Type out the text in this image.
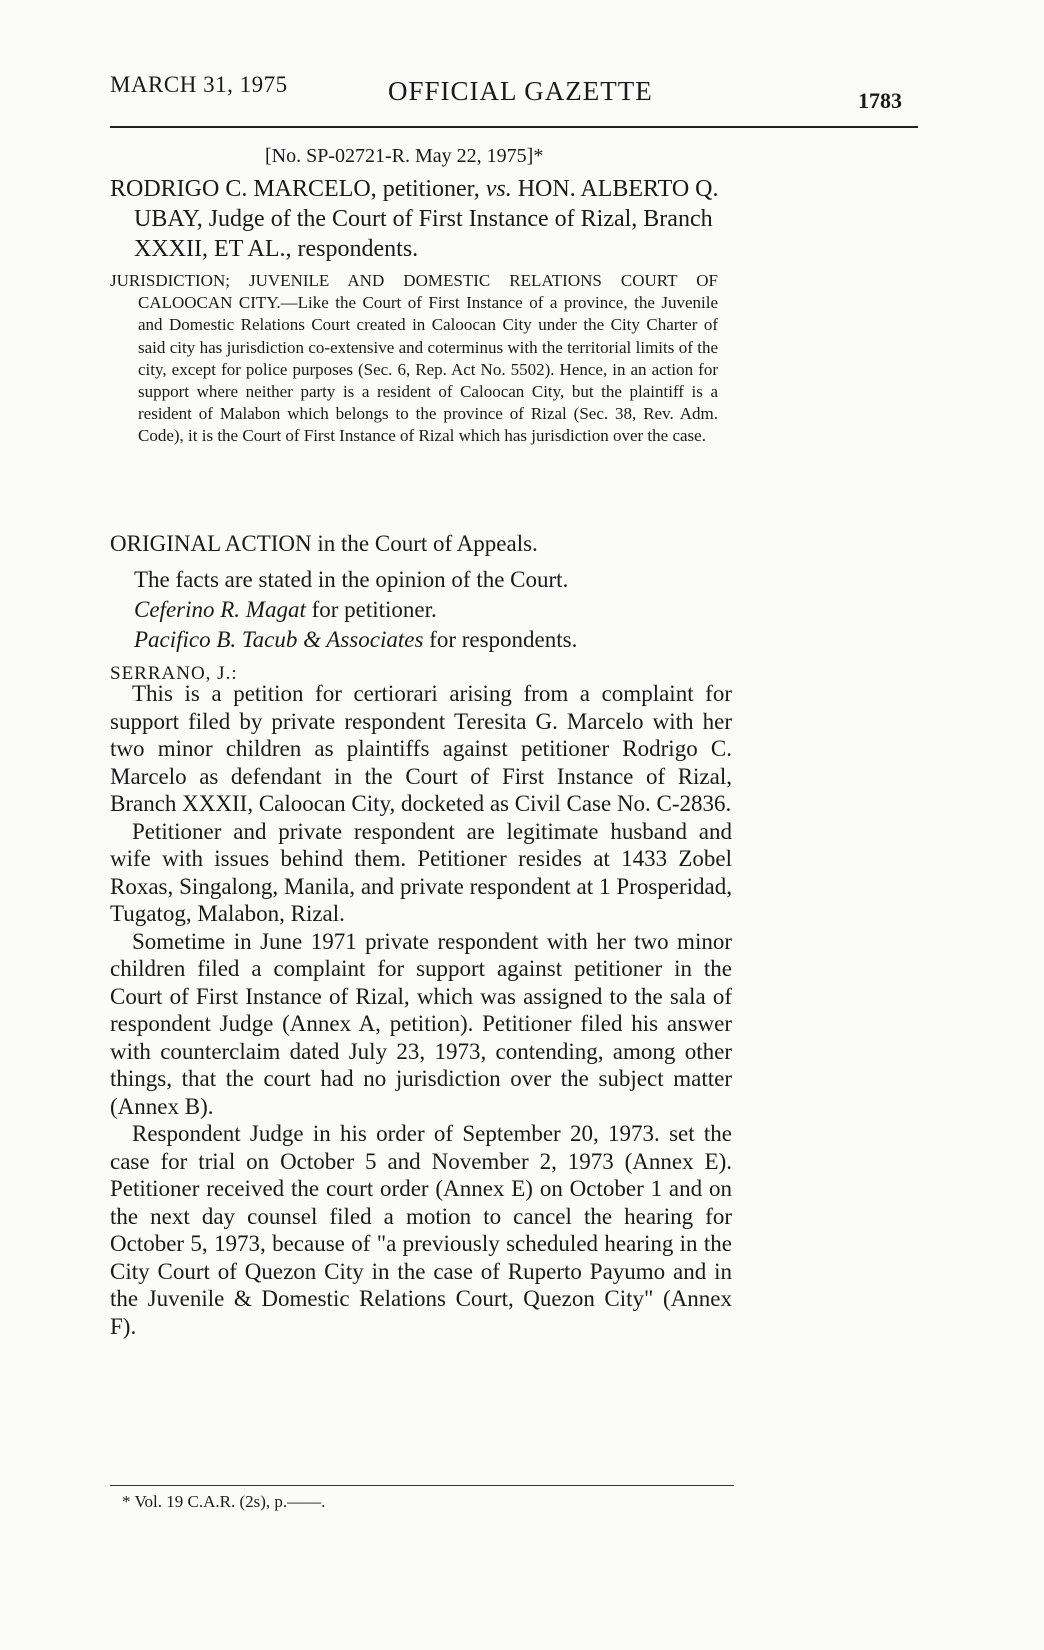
MARCH 31, 1975	OFFICIAL GAZETTE	1783
[No. SP-02721-R. May 22, 1975]*

RODRIGO C. MARCELO, petitioner, vs. HON. ALBERTO Q.

UBAY, Judge of the Court of First Instance of Rizal, Branch XXXII, ET AL., respondents.

JURISDICTION; JUVENILE AND DOMESTIC RELATIONS COURT OF CALOOCAN CITY.—Like the Court of First Instance of a province, the Juvenile and Domestic Relations Court created in Caloocan City under the City Charter of said city has jurisdiction co-extensive and coterminus with the territorial limits of the city, except for police purposes (Sec. 6, Rep. Act No. 5502). Hence, in an action for support where neither party is a resident of Caloocan City, but the plaintiff is a resident of Malabon which belongs to the province of Rizal (Sec. 38, Rev. Adm. Code), it is the Court of First Instance of Rizal which has jurisdiction over the case.

ORIGINAL ACTION in the Court of Appeals.
The facts are stated in the opinion of the Court.
Ceferino R. Magat for petitioner.
Pacifico B. Tacub & Associates for respondents.
SERRANO, J.:

This is a petition for certiorari arising from a complaint for support filed by private respondent Teresita G. Marcelo with her two minor children as plaintiffs against petitioner Rodrigo C. Marcelo as defendant in the Court of First Instance of Rizal, Branch XXXII, Caloocan City, docketed as Civil Case No. C-2836.

Petitioner and private respondent are legitimate husband and wife with issues behind them. Petitioner resides at 1433 Zobel Roxas, Singalong, Manila, and private respondent at 1 Prosperidad, Tugatog, Malabon, Rizal.

Sometime in June 1971 private respondent with her two minor children filed a complaint for support against petitioner in the Court of First Instance of Rizal, which was assigned to the sala of respondent Judge (Annex A, petition). Petitioner filed his answer with counterclaim dated July 23, 1973, contending, among other things, that the court had no jurisdiction over the subject matter (Annex B).

Respondent Judge in his order of September 20, 1973. set the case for trial on October 5 and November 2, 1973 (Annex E). Petitioner received the court order (Annex E) on October 1 and on the next day counsel filed a motion to cancel the hearing for October 5, 1973, because of "a previously scheduled hearing in the City Court of Quezon City in the case of Ruperto Payumo and in the Juvenile & Domestic Relations Court, Quezon City" (Annex F).

* Vol. 19 C.A.R. (2s), p.——.
